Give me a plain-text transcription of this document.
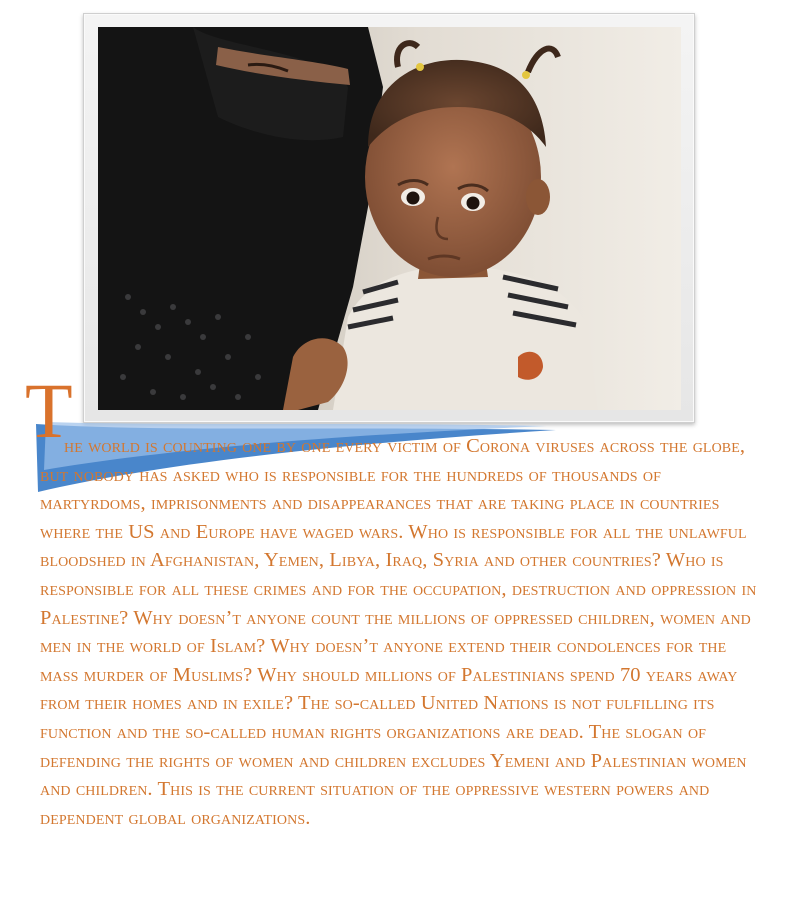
T

he world is counting one by one every victim of Corona viruses across the globe, but nobody has asked who is responsible for the hundreds of thousands of martyrdoms, imprisonments and disappearances that are taking place in countries where the US and Europe have waged wars. Who is responsible for all the unlawful bloodshed in Afghanistan, Yemen, Libya, Iraq, Syria and other countries? Who is responsible for all these crimes and for the occupation, destruction and oppression in Palestine? Why doesn’t anyone count the millions of oppressed children, women and men in the world of Islam? Why doesn’t anyone extend their condolences for the mass murder of Muslims? Why should millions of Palestinians spend 70 years away from their homes and in exile? The so-called United Nations is not fulfilling its function and the so-called human rights organizations are dead. The slogan of defending the rights of women and children excludes Yemeni and Palestinian women and children. This is the current situation of the oppressive western powers and dependent global organizations.
